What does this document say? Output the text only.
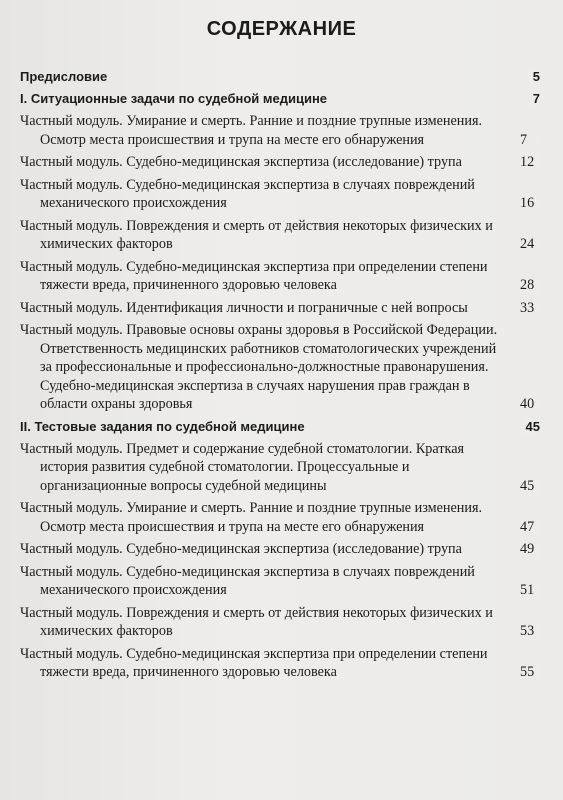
СОДЕРЖАНИЕ
Предисловие	5
I. Ситуационные задачи по судебной медицине	7
Частный модуль. Умирание и смерть. Ранние и поздние трупные изменения. Осмотр места происшествия и трупа на месте его обнаружения	7
Частный модуль. Судебно-медицинская экспертиза (исследование) трупа	12
Частный модуль. Судебно-медицинская экспертиза в случаях повреждений механического происхождения	16
Частный модуль. Повреждения и смерть от действия некоторых физических и химических факторов	24
Частный модуль. Судебно-медицинская экспертиза при определении степени тяжести вреда, причиненного здоровью человека	28
Частный модуль. Идентификация личности и пограничные с ней вопросы	33
Частный модуль. Правовые основы охраны здоровья в Российской Федерации. Ответственность медицинских работников стоматологических учреждений за профессиональные и профессионально-должностные правонарушения. Судебно-медицинская экспертиза в случаях нарушения прав граждан в области охраны здоровья	40
II. Тестовые задания по судебной медицине	45
Частный модуль. Предмет и содержание судебной стоматологии. Краткая история развития судебной стоматологии. Процессуальные и организационные вопросы судебной медицины	45
Частный модуль. Умирание и смерть. Ранние и поздние трупные изменения. Осмотр места происшествия и трупа на месте его обнаружения	47
Частный модуль. Судебно-медицинская экспертиза (исследование) трупа	49
Частный модуль. Судебно-медицинская экспертиза в случаях повреждений механического происхождения	51
Частный модуль. Повреждения и смерть от действия некоторых физических и химических факторов	53
Частный модуль. Судебно-медицинская экспертиза при определении степени тяжести вреда, причиненного здоровью человека	55
